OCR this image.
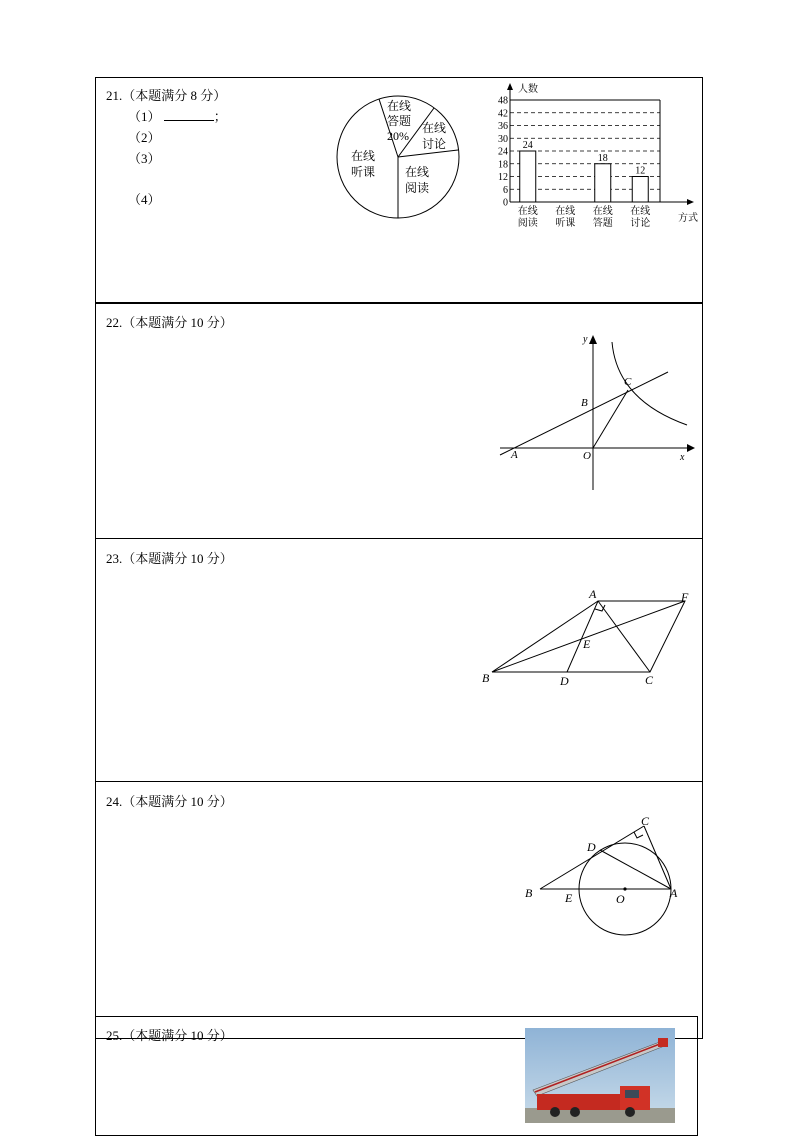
21.（本题满分 8 分）
（1）	；
（2）
（3）
（4）
在线
答题
20%
在线
讨论
在线
阅读
在线
听课
24
18
12
0
6
12
18
24
30
36
42
48
在线
阅读
在线
听课
在线
答题
在线
讨论
人数
方式
22.（本题满分 10 分）
y
x
A
B
C
O
23.（本题满分 10 分）
A	F
B	D	C
E
24.（本题满分 10 分）
C
D
B	E	O	A
25.（本题满分 10 分）
